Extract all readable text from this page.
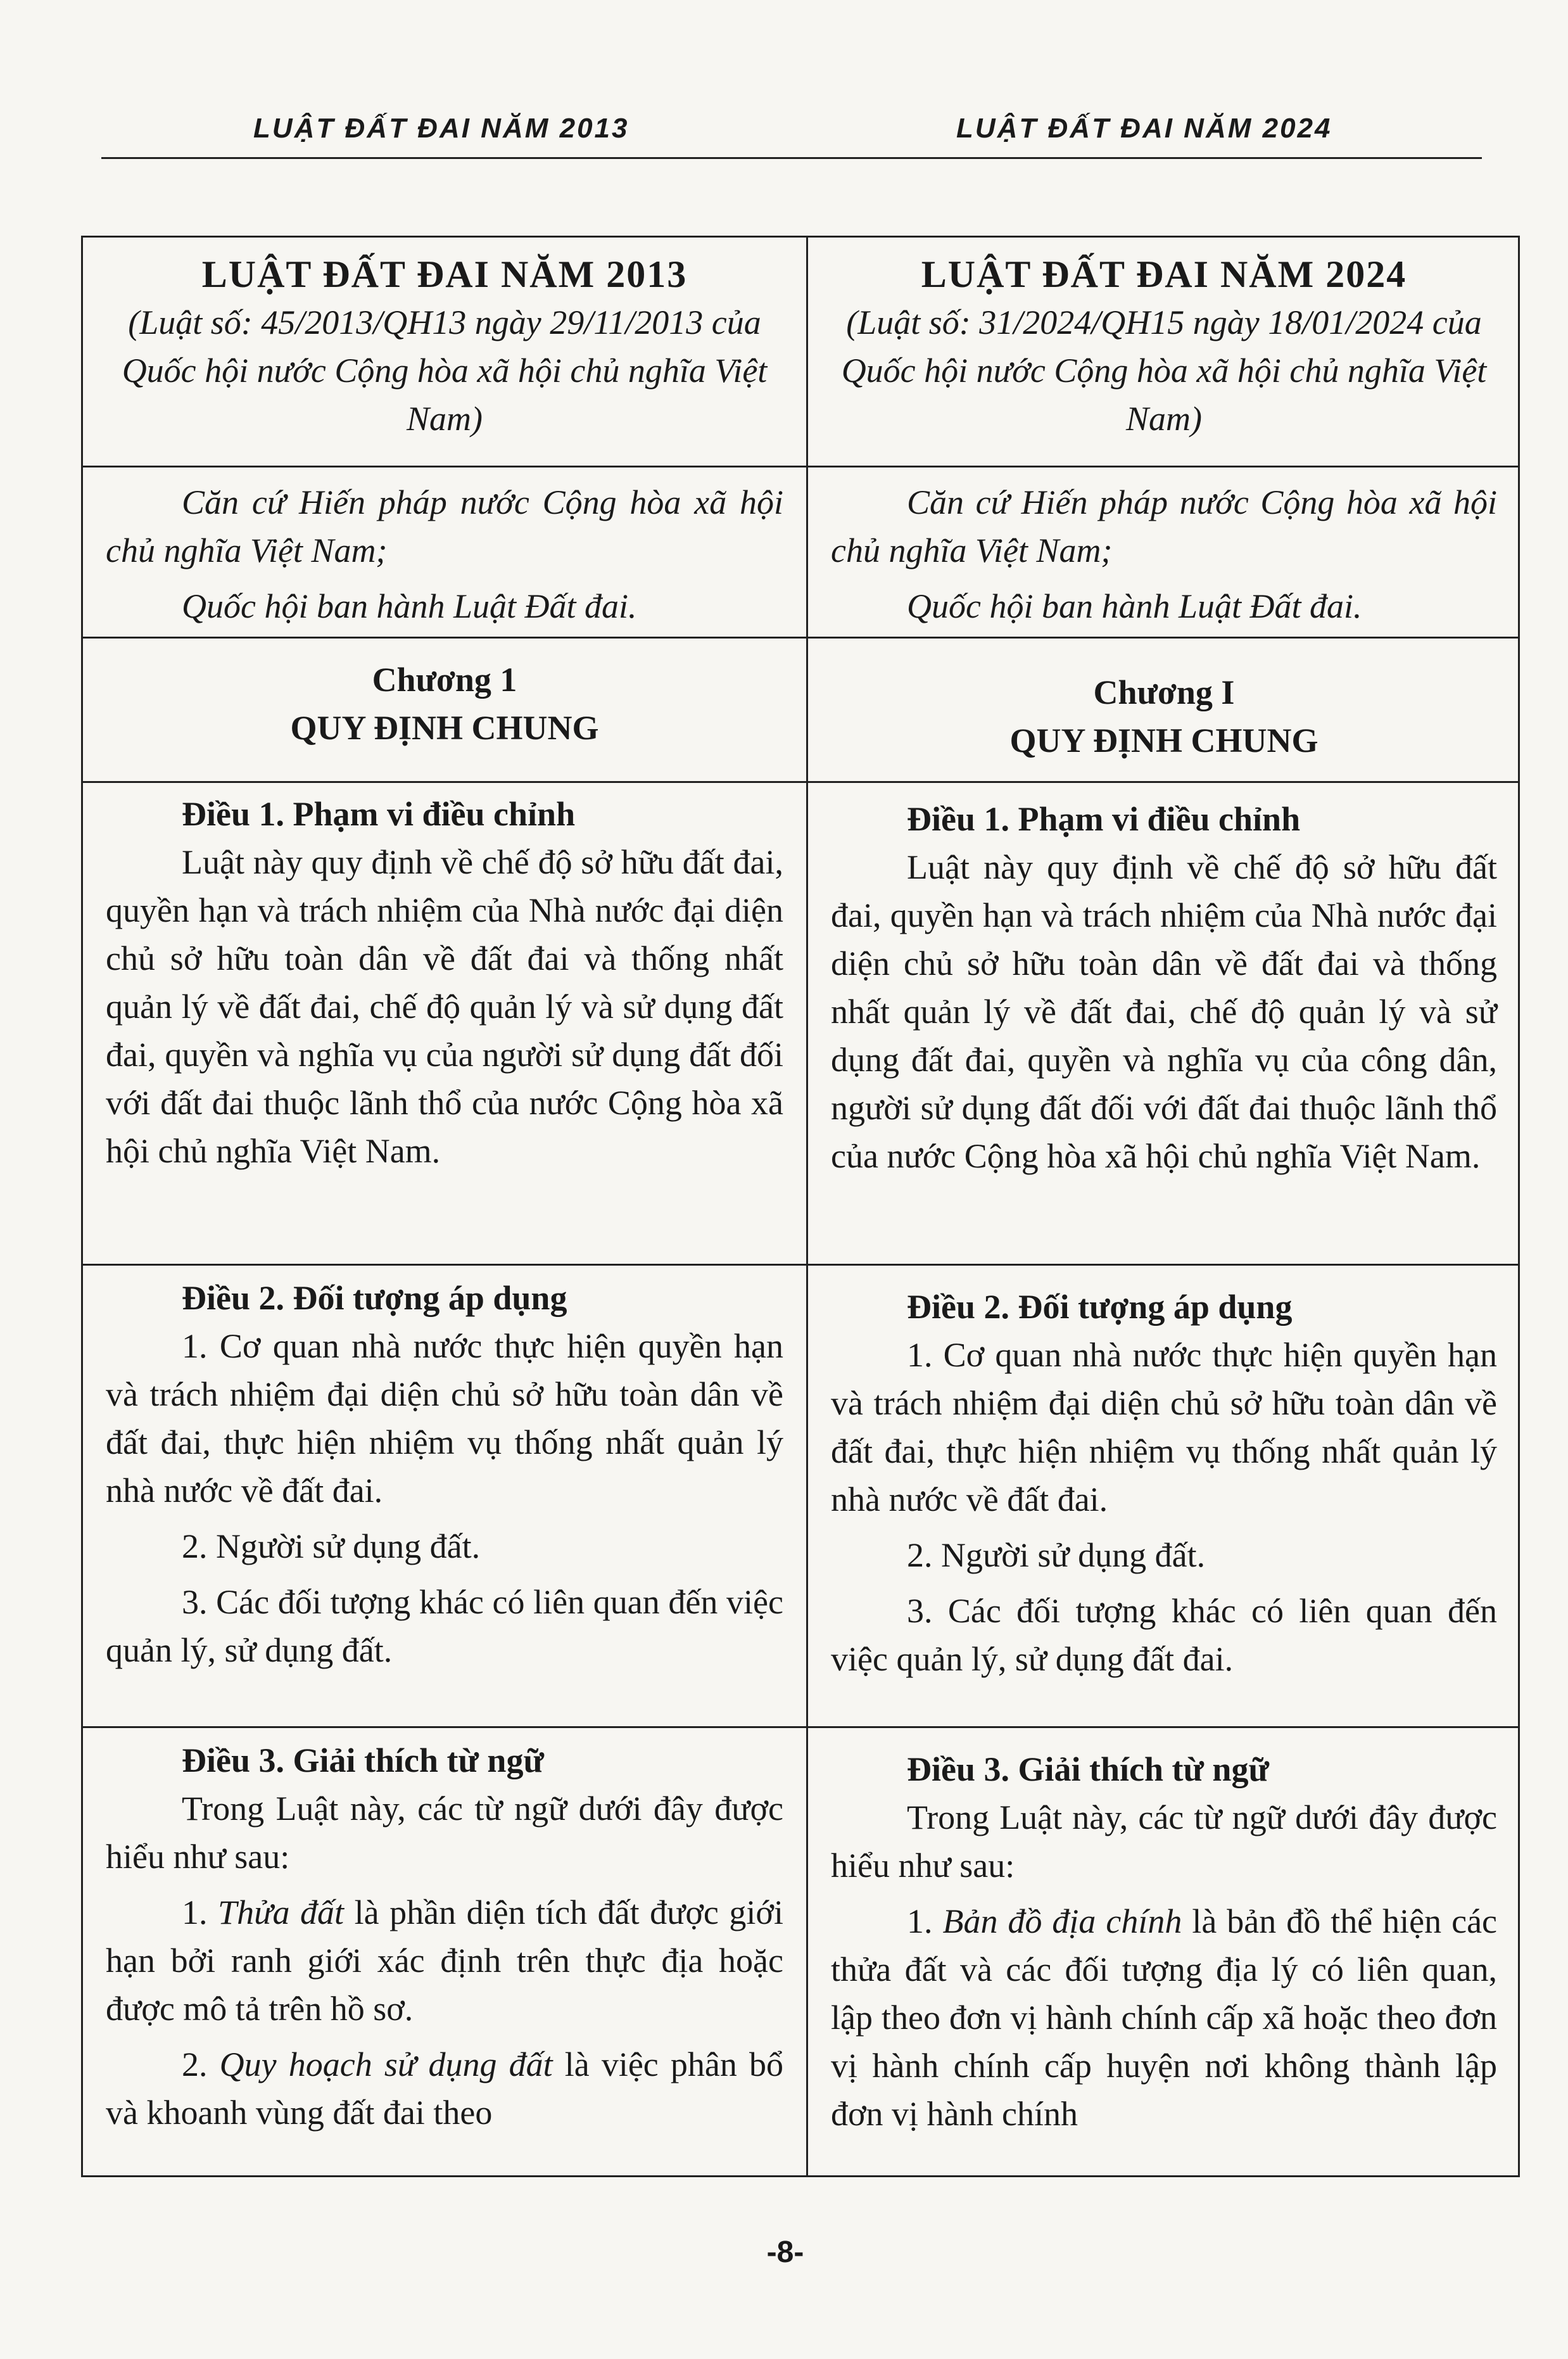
LUẬT ĐẤT ĐAI NĂM 2013	LUẬT ĐẤT ĐAI NĂM 2024
LUẬT ĐẤT ĐAI NĂM 2013
(Luật số: 45/2013/QH13 ngày 29/11/2013 của Quốc hội nước Cộng hòa xã hội chủ nghĩa Việt Nam)
LUẬT ĐẤT ĐAI NĂM 2024
(Luật số: 31/2024/QH15 ngày 18/01/2024 của Quốc hội nước Cộng hòa xã hội chủ nghĩa Việt Nam)

Căn cứ Hiến pháp nước Cộng hòa xã hội chủ nghĩa Việt Nam;

Quốc hội ban hành Luật Đất đai.

Căn cứ Hiến pháp nước Cộng hòa xã hội chủ nghĩa Việt Nam;

Quốc hội ban hành Luật Đất đai.

Chương 1
QUY ĐỊNH CHUNG
Chương I
QUY ĐỊNH CHUNG
Điều 1. Phạm vi điều chỉnh

Luật này quy định về chế độ sở hữu đất đai, quyền hạn và trách nhiệm của Nhà nước đại diện chủ sở hữu toàn dân về đất đai và thống nhất quản lý về đất đai, chế độ quản lý và sử dụng đất đai, quyền và nghĩa vụ của người sử dụng đất đối với đất đai thuộc lãnh thổ của nước Cộng hòa xã hội chủ nghĩa Việt Nam.

Điều 1. Phạm vi điều chỉnh

Luật này quy định về chế độ sở hữu đất đai, quyền hạn và trách nhiệm của Nhà nước đại diện chủ sở hữu toàn dân về đất đai và thống nhất quản lý về đất đai, chế độ quản lý và sử dụng đất đai, quyền và nghĩa vụ của công dân, người sử dụng đất đối với đất đai thuộc lãnh thổ của nước Cộng hòa xã hội chủ nghĩa Việt Nam.

Điều 2. Đối tượng áp dụng

1. Cơ quan nhà nước thực hiện quyền hạn và trách nhiệm đại diện chủ sở hữu toàn dân về đất đai, thực hiện nhiệm vụ thống nhất quản lý nhà nước về đất đai.

2. Người sử dụng đất.

3. Các đối tượng khác có liên quan đến việc quản lý, sử dụng đất.

Điều 2. Đối tượng áp dụng

1. Cơ quan nhà nước thực hiện quyền hạn và trách nhiệm đại diện chủ sở hữu toàn dân về đất đai, thực hiện nhiệm vụ thống nhất quản lý nhà nước về đất đai.

2. Người sử dụng đất.

3. Các đối tượng khác có liên quan đến việc quản lý, sử dụng đất đai.

Điều 3. Giải thích từ ngữ

Trong Luật này, các từ ngữ dưới đây được hiểu như sau:

1. Thửa đất là phần diện tích đất được giới hạn bởi ranh giới xác định trên thực địa hoặc được mô tả trên hồ sơ.

2. Quy hoạch sử dụng đất là việc phân bổ và khoanh vùng đất đai theo

Điều 3. Giải thích từ ngữ

Trong Luật này, các từ ngữ dưới đây được hiểu như sau:

1. Bản đồ địa chính là bản đồ thể hiện các thửa đất và các đối tượng địa lý có liên quan, lập theo đơn vị hành chính cấp xã hoặc theo đơn vị hành chính cấp huyện nơi không thành lập đơn vị hành chính

-8-
